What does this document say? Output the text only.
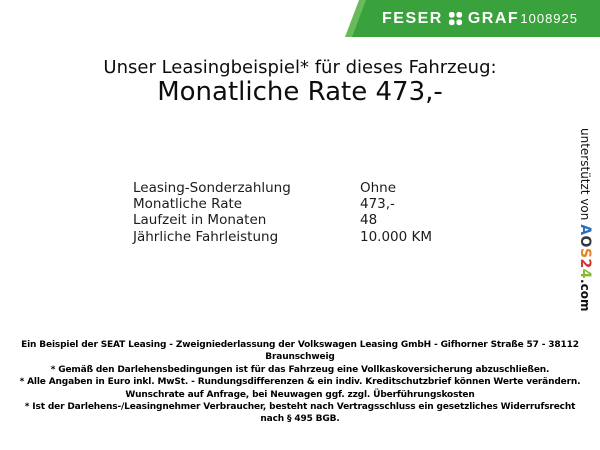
FESER GRAF 1008925
Unser Leasingbeispiel* für dieses Fahrzeug:
Monatliche Rate 473,-
Leasing-Sonderzahlung	Ohne
Monatliche Rate	473,-
Laufzeit in Monaten	48
Jährliche Fahrleistung	10.000 KM
unterstützt von AOS24.com
Ein Beispiel der SEAT Leasing - Zweigniederlassung der Volkswagen Leasing GmbH - Gifhorner Straße 57 - 38112
Braunschweig
* Gemäß den Darlehensbedingungen ist für das Fahrzeug eine Vollkaskoversicherung abzuschließen.
* Alle Angaben in Euro inkl. MwSt. - Rundungsdifferenzen & ein indiv. Kreditschutzbrief können Werte verändern.
Wunschrate auf Anfrage, bei Neuwagen ggf. zzgl. Überführungskosten
* Ist der Darlehens-/Leasingnehmer Verbraucher, besteht nach Vertragsschluss ein gesetzliches Widerrufsrecht
nach § 495 BGB.
